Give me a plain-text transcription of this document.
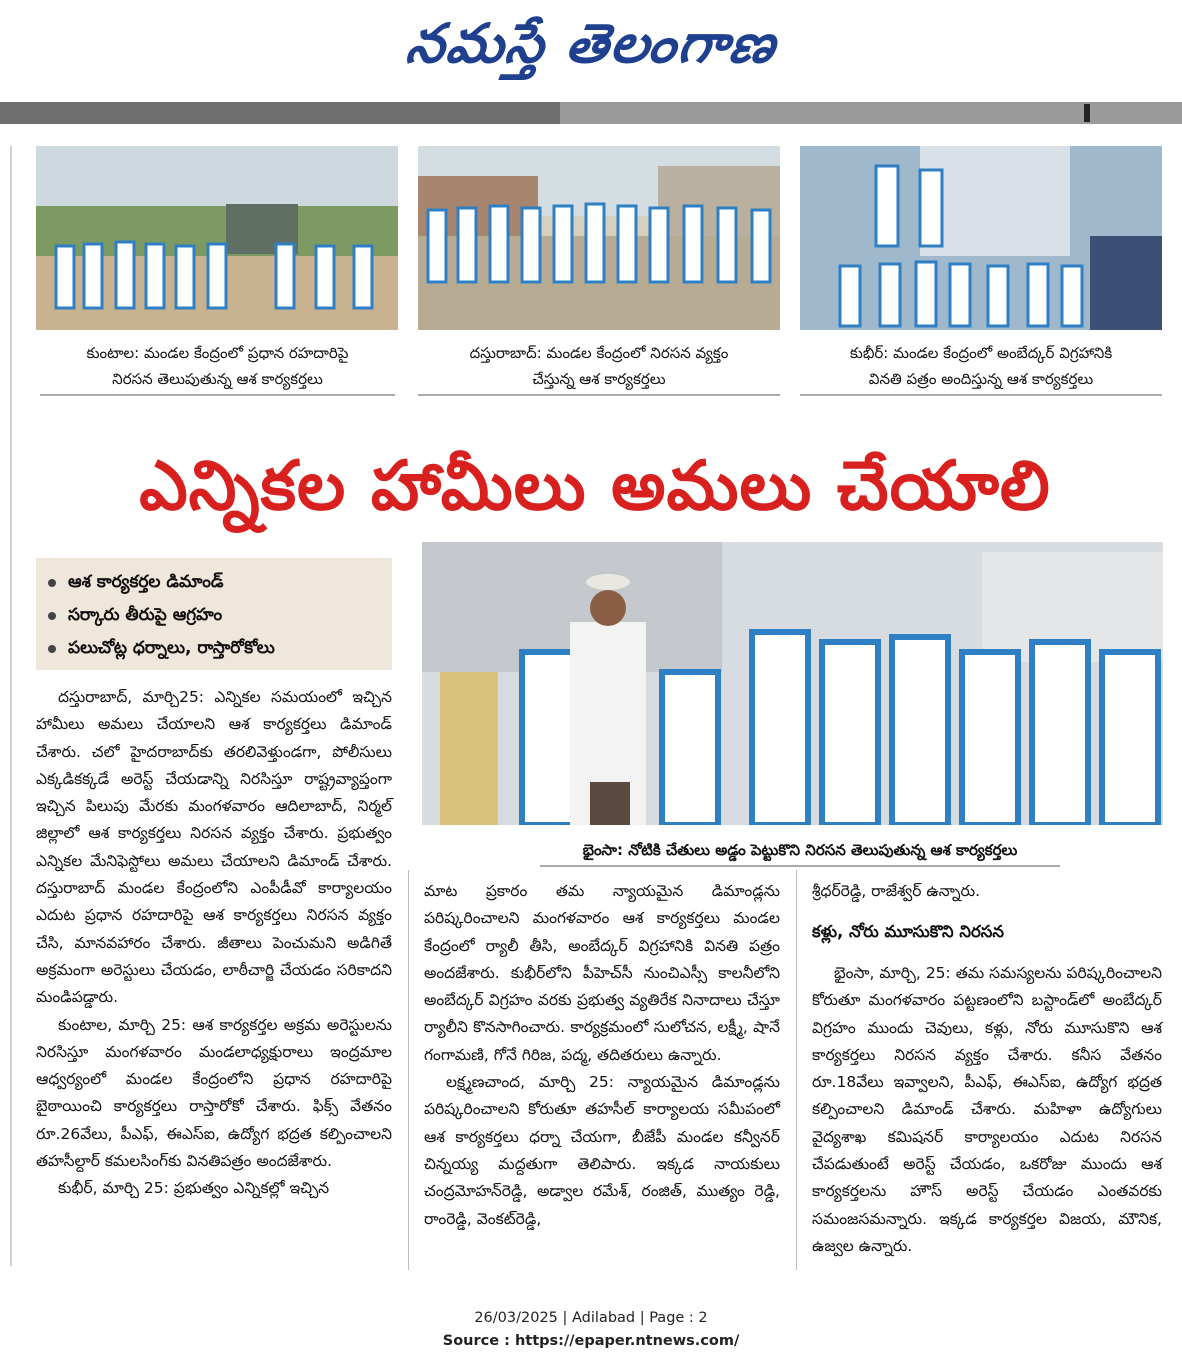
నమస్తే తెలంగాణ
కుంటాల: మండల కేంద్రంలో ప్రధాన రహదారిపై
నిరసన తెలుపుతున్న ఆశ కార్యకర్తలు
దస్తురాబాద్: మండల కేంద్రంలో నిరసన వ్యక్తం
చేస్తున్న ఆశ కార్యకర్తలు
కుభీర్: మండల కేంద్రంలో అంబేద్కర్ విగ్రహానికి
వినతి పత్రం అందిస్తున్న ఆశ కార్యకర్తలు
ఎన్నికల హామీలు అమలు చేయాలి
ఆశ కార్యకర్తల డిమాండ్
సర్కారు తీరుపై ఆగ్రహం
పలుచోట్ల ధర్నాలు, రాస్తారోకోలు
భైంసా: నోటికి చేతులు అడ్డం పెట్టుకొని నిరసన తెలుపుతున్న ఆశ కార్యకర్తలు

దస్తురాబాద్, మార్చి25: ఎన్నికల సమయంలో ఇచ్చిన హామీలు అమలు చేయాలని ఆశ కార్యకర్తలు డిమాండ్ చేశారు. చలో హైదరాబాద్‌కు తరలివెళ్తుండగా, పోలీసులు ఎక్కడికక్కడే అరెస్ట్ చేయడాన్ని నిరసిస్తూ రాష్ట్రవ్యాప్తంగా ఇచ్చిన పిలుపు మేరకు మంగళవారం ఆదిలాబాద్, నిర్మల్ జిల్లాలో ఆశ కార్యకర్తలు నిరసన వ్యక్తం చేశారు. ప్రభుత్వం ఎన్నికల మేనిఫెస్టోలు అమలు చేయాలని డిమాండ్ చేశారు. దస్తురాబాద్ మండల కేంద్రంలోని ఎంపీడీవో కార్యాలయం ఎదుట ప్రధాన రహదారిపై ఆశ కార్యకర్తలు నిరసన వ్యక్తం చేసి, మానవహారం చేశారు. జీతాలు పెంచుమని అడిగితే అక్రమంగా అరెస్టులు చేయడం, లాఠీచార్జి చేయడం సరికాదని మండిపడ్డారు.

కుంటాల, మార్చి 25: ఆశ కార్యకర్తల అక్రమ అరెస్టులను నిరసిస్తూ మంగళవారం మండలాధ్యక్షురాలు ఇంద్రమాల ఆధ్వర్యంలో మండల కేంద్రంలోని ప్రధాన రహదారిపై బైఠాయించి కార్యకర్తలు రాస్తారోకో చేశారు. ఫిక్స్ వేతనం రూ.26వేలు, పీఎఫ్, ఈఎస్ఐ, ఉద్యోగ భద్రత కల్పించాలని తహసీల్దార్ కమలసింగ్‌కు వినతిపత్రం అందజేశారు.

కుభీర్, మార్చి 25: ప్రభుత్వం ఎన్నికల్లో ఇచ్చిన

మాట ప్రకారం తమ న్యాయమైన డిమాండ్లను పరిష్కరించాలని మంగళవారం ఆశ కార్యకర్తలు మండల కేంద్రంలో ర్యాలీ తీసి, అంబేద్కర్ విగ్రహానికి వినతి పత్రం అందజేశారు. కుభీర్‌లోని పీహెచ్‌సీ నుంచిఎస్సీ కాలనీలోని అంబేద్కర్ విగ్రహం వరకు ప్రభుత్వ వ్యతిరేక నినాదాలు చేస్తూ ర్యాలీని కొనసాగించారు. కార్యక్రమంలో సులోచన, లక్ష్మీ, షానే గంగామణి, గోనే గిరిజ, పద్మ, తదితరులు ఉన్నారు.

లక్ష్మణచాంద, మార్చి 25: న్యాయమైన డిమాండ్లను పరిష్కరించాలని కోరుతూ తహసీల్ కార్యాలయ సమీపంలో ఆశ కార్యకర్తలు ధర్నా చేయగా, బీజేపీ మండల కన్వీనర్ చిన్నయ్య మద్దతుగా తెలిపారు. ఇక్కడ నాయకులు చంద్రమోహన్‌రెడ్డి, అడ్వాల రమేశ్, రంజిత్, ముత్యం రెడ్డి, రాంరెడ్డి, వెంకట్‌రెడ్డి,

శ్రీధర్‌రెడ్డి, రాజేశ్వర్ ఉన్నారు.

కళ్లు, నోరు మూసుకొని నిరసన

భైంసా, మార్చి, 25: తమ సమస్యలను పరిష్కరించాలని కోరుతూ మంగళవారం పట్టణంలోని బస్టాండ్‌లో అంబేద్కర్ విగ్రహం ముందు చెవులు, కళ్లు, నోరు మూసుకొని ఆశ కార్యకర్తలు నిరసన వ్యక్తం చేశారు. కనీస వేతనం రూ.18వేలు ఇవ్వాలని, పీఎఫ్, ఈఎస్ఐ, ఉద్యోగ భద్రత కల్పించాలని డిమాండ్ చేశారు. మహిళా ఉద్యోగులు వైద్యశాఖ కమిషనర్ కార్యాలయం ఎదుట నిరసన చేపడుతుంటే అరెస్ట్ చేయడం, ఒకరోజు ముందు ఆశ కార్యకర్తలను హౌస్ అరెస్ట్ చేయడం ఎంతవరకు సమంజసమన్నారు. ఇక్కడ కార్యకర్తల విజయ, మౌనిక, ఉజ్వల ఉన్నారు.

26/03/2025 | Adilabad | Page : 2
Source : https://epaper.ntnews.com/
